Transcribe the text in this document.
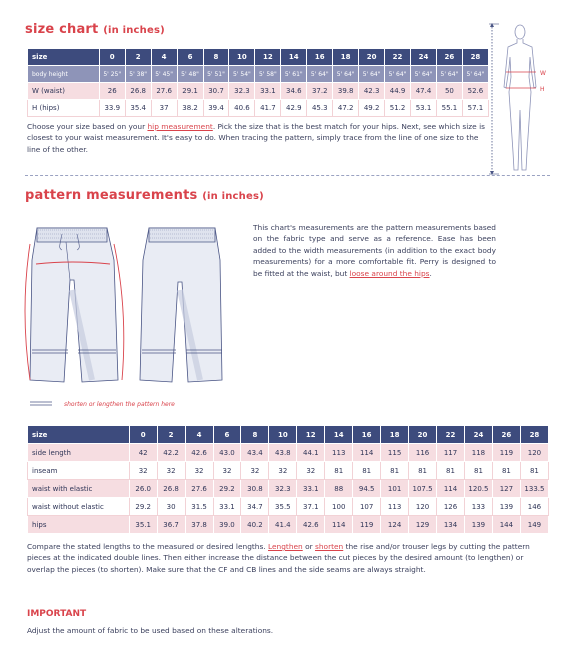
size chart (in inches)
size	0	2	4	6	8	10	12	14	16	18	20	22	24	26	28
body height	5' 25"	5' 38"	5' 45"	5' 48"	5' 51"	5' 54"	5' 58"	5' 61"	5' 64"	5' 64"	5' 64"	5' 64"	5' 64"	5' 64"	5' 64"
W (waist)	26	26.8	27.6	29.1	30.7	32.3	33.1	34.6	37.2	39.8	42.3	44.9	47.4	50	52.6
H (hips)	33.9	35.4	37	38.2	39.4	40.6	41.7	42.9	45.3	47.2	49.2	51.2	53.1	55.1	57.1
Choose your size based on your hip measurement. Pick the size that is the best match for your hips. Next, see which size is closest to your waist measurement. It's easy to do. When tracing the pattern, simply trace from the line of one size to the line of the other.
W
H
pattern measurements (in inches)
This chart's measurements are the pattern measurements based on the fabric type and serve as a reference. Ease has been added to the width measurements (in addition to the exact body measurements) for a more comfortable fit. Perry is designed to be fitted at the waist, but loose around the hips.
shorten or lengthen the pattern here
size	0	2	4	6	8	10	12	14	16	18	20	22	24	26	28
side length	42	42.2	42.6	43.0	43.4	43.8	44.1	113	114	115	116	117	118	119	120
inseam	32	32	32	32	32	32	32	81	81	81	81	81	81	81	81
waist with elastic	26.0	26.8	27.6	29.2	30.8	32.3	33.1	88	94.5	101	107.5	114	120.5	127	133.5
waist without elastic	29.2	30	31.5	33.1	34.7	35.5	37.1	100	107	113	120	126	133	139	146
hips	35.1	36.7	37.8	39.0	40.2	41.4	42.6	114	119	124	129	134	139	144	149
Compare the stated lengths to the measured or desired lengths. Lengthen or shorten the rise and/or trouser legs by cutting the pattern pieces at the indicated double lines. Then either increase the distance between the cut pieces by the desired amount (to lengthen) or overlap the pieces (to shorten). Make sure that the CF and CB lines and the side seams are always straight.
IMPORTANT
Adjust the amount of fabric to be used based on these alterations.
